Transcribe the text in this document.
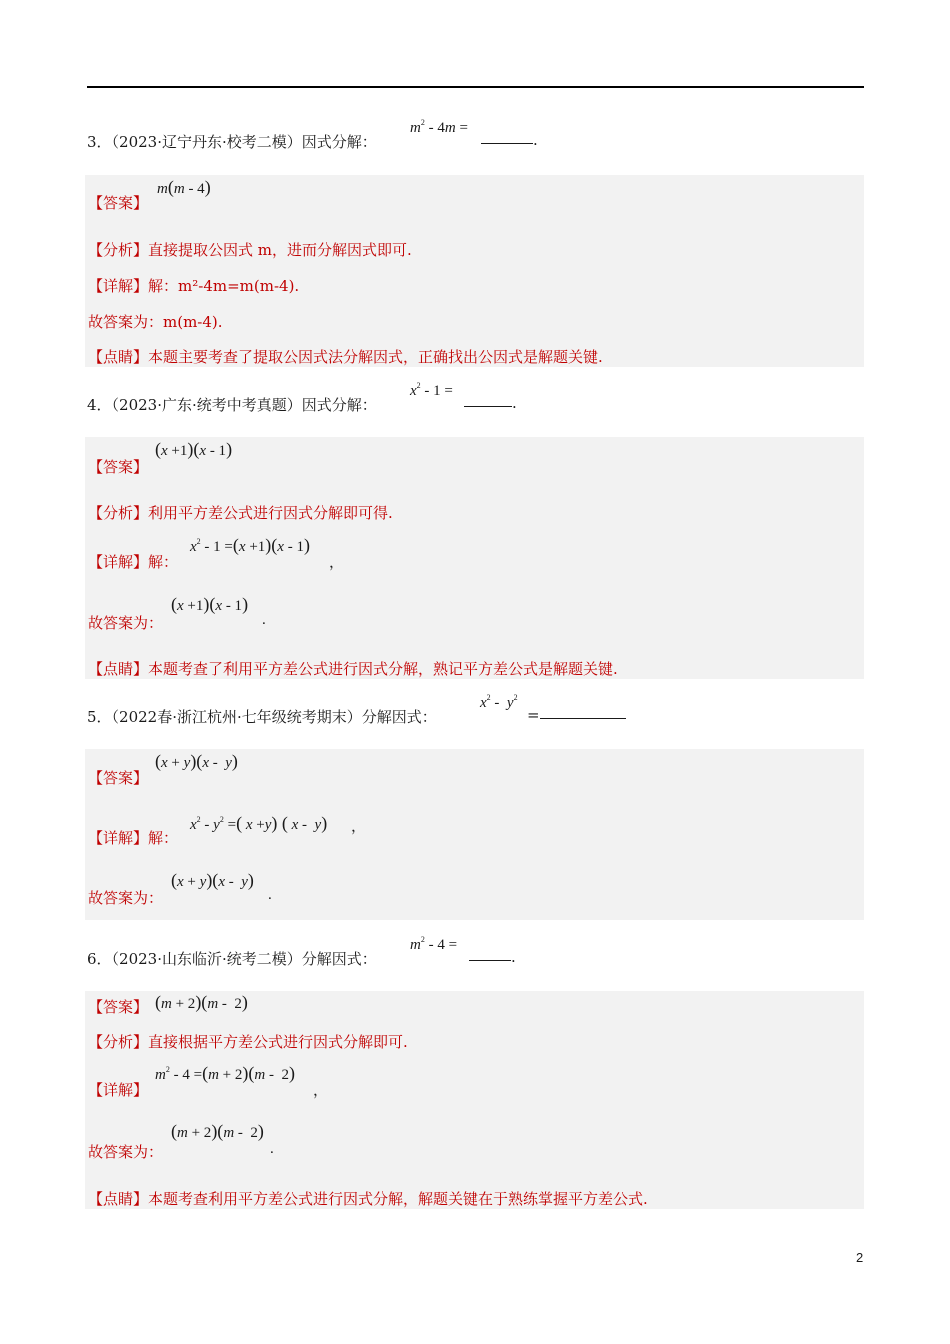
3．（2023·辽宁丹东·校考二模）因式分解：
$m^2 - 4m$ =
.
【答案】
m(m - 4)
【分析】直接提取公因式 m，进而分解因式即可.
【详解】解：m²-4m=m(m-4).
故答案为：m(m-4).
【点睛】本题主要考查了提取公因式法分解因式，正确找出公因式是解题关键.
4．（2023·广东·统考中考真题）因式分解：
$x^2 - 1$ =
.
【答案】
(x +1)(x - 1)
【分析】利用平方差公式进行因式分解即可得.
【详解】解：
$x^2 - 1 =(x +1)(x - 1)$
，
故答案为：
(x +1)(x - 1)
.
【点睛】本题考查了利用平方差公式进行因式分解，熟记平方差公式是解题关键.
5．（2022春·浙江杭州·七年级统考期末）分解因式：
$x^2 - y^2$
=
【答案】
(x + y)(x -  y)
【详解】解：
$x^2 - y^2$ =( x +y) ( x -  y) ，
故答案为：
(x + y)(x -  y)
.
6．（2023·山东临沂·统考二模）分解因式：
$m^2 - 4$ =
.
【答案】 (m + 2)(m -  2)
【分析】直接根据平方差公式进行因式分解即可.
【详解】
$m^2 - 4 =(m + 2)(m - 2)$
，
故答案为：
(m + 2)(m -  2)
.
【点睛】本题考查利用平方差公式进行因式分解，解题关键在于熟练掌握平方差公式.
2
